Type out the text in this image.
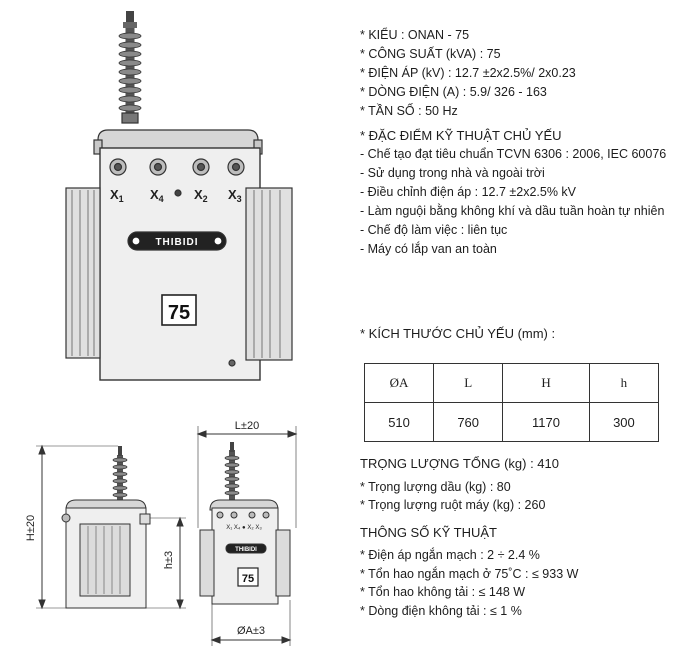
$X_1$ $X_4$ $X_2$ $X_3$
THIBIDI
75
H±20
h±3
X₁ X₄ ● X₂ X₃
THIBIDI
75
L±20
ØA±3
* KIỂU : ONAN - 75
* CÔNG SUẤT (kVA) : 75
* ĐIỆN ÁP (kV) : 12.7 ±2x2.5%/ 2x0.23
* DÒNG ĐIỆN (A) : 5.9/ 326 - 163
* TẦN SỐ : 50 Hz
* ĐẶC ĐIỂM KỸ THUẬT CHỦ YẾU
- Chế tạo đạt tiêu chuẩn TCVN 6306 : 2006, IEC 60076
- Sử dụng trong nhà và ngoài trời
- Điều chỉnh điện áp : 12.7 ±2x2.5% kV
- Làm nguội bằng không khí và dầu tuần hoàn tự nhiên
- Chế độ làm việc : liên tục
- Máy có lắp van an toàn
* KÍCH THƯỚC CHỦ YẾU (mm) :
ØA	L	H	h
510	760	1170	300
TRỌNG LƯỢNG TỔNG (kg) : 410
* Trọng lượng dầu (kg) : 80
* Trọng lượng ruột máy (kg) : 260
THÔNG SỐ KỸ THUẬT
* Điện áp ngắn mạch : 2 ÷ 2.4 %
* Tổn hao ngắn mạch ở 75˚C : ≤ 933 W
* Tổn hao không tải : ≤ 148 W
* Dòng điện không tải : ≤ 1 %
